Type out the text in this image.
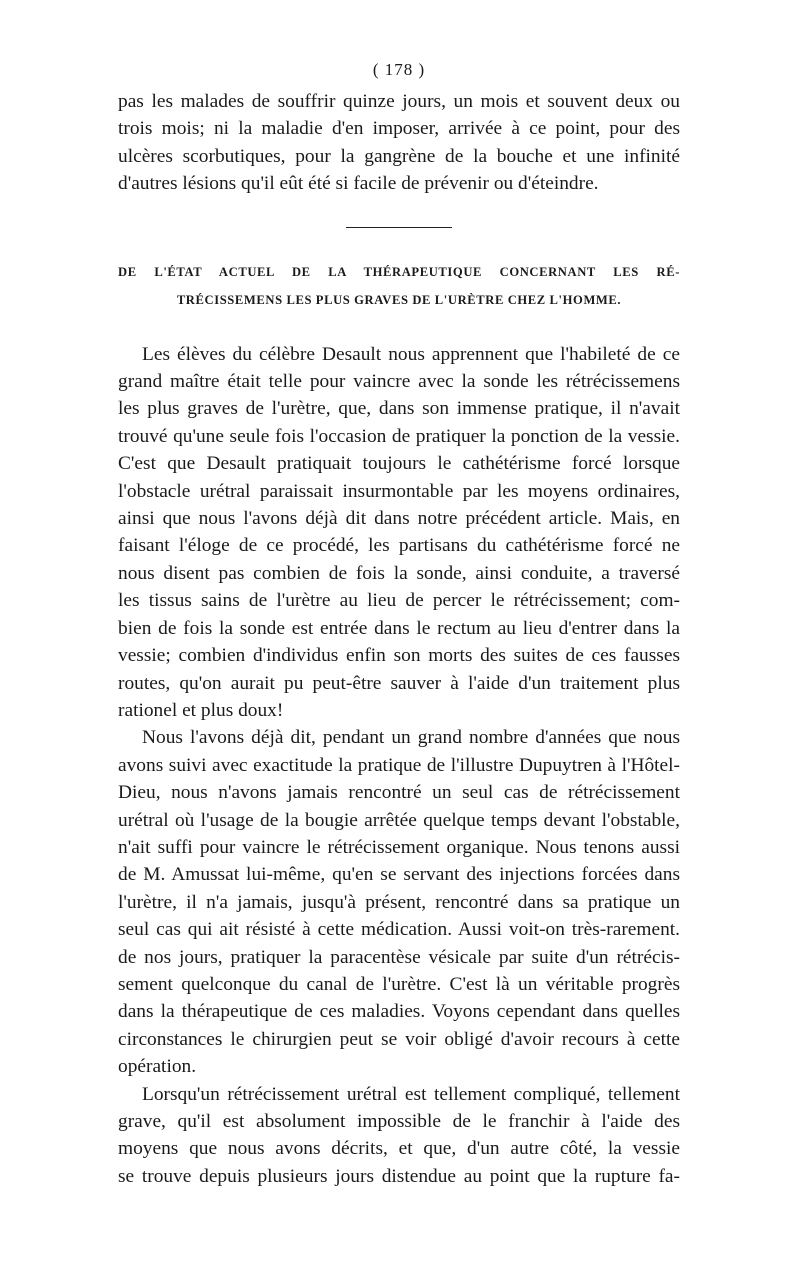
( 178 )
pas les malades de souffrir quinze jours, un mois et souvent deux ou
trois mois; ni la maladie d'en imposer, arrivée à ce point, pour des
ulcères scorbutiques, pour la gangrène de la bouche et une infinité
d'autres lésions qu'il eût été si facile de prévenir ou d'éteindre.
DE L'ÉTAT ACTUEL DE LA THÉRAPEUTIQUE CONCERNANT LES RÉ-
TRÉCISSEMENS LES PLUS GRAVES DE L'URÈTRE CHEZ L'HOMME.
Les élèves du célèbre Desault nous apprennent que l'habileté de ce
grand maître était telle pour vaincre avec la sonde les rétrécissemens
les plus graves de l'urètre, que, dans son immense pratique, il n'avait
trouvé qu'une seule fois l'occasion de pratiquer la ponction de la vessie.
C'est que Desault pratiquait toujours le cathétérisme forcé lorsque
l'obstacle urétral paraissait insurmontable par les moyens ordinaires,
ainsi que nous l'avons déjà dit dans notre précédent article. Mais, en
faisant l'éloge de ce procédé, les partisans du cathétérisme forcé ne
nous disent pas combien de fois la sonde, ainsi conduite, a traversé
les tissus sains de l'urètre au lieu de percer le rétrécissement; com-
bien de fois la sonde est entrée dans le rectum au lieu d'entrer dans la
vessie; combien d'individus enfin son morts des suites de ces fausses
routes, qu'on aurait pu peut-être sauver à l'aide d'un traitement plus
rationel et plus doux!
Nous l'avons déjà dit, pendant un grand nombre d'années que nous
avons suivi avec exactitude la pratique de l'illustre Dupuytren à l'Hôtel-
Dieu, nous n'avons jamais rencontré un seul cas de rétrécissement
urétral où l'usage de la bougie arrêtée quelque temps devant l'obstable,
n'ait suffi pour vaincre le rétrécissement organique. Nous tenons aussi
de M. Amussat lui-même, qu'en se servant des injections forcées dans
l'urètre, il n'a jamais, jusqu'à présent, rencontré dans sa pratique un
seul cas qui ait résisté à cette médication. Aussi voit-on très-rarement.
de nos jours, pratiquer la paracentèse vésicale par suite d'un rétrécis-
sement quelconque du canal de l'urètre. C'est là un véritable progrès
dans la thérapeutique de ces maladies. Voyons cependant dans quelles
circonstances le chirurgien peut se voir obligé d'avoir recours à cette
opération.
Lorsqu'un rétrécissement urétral est tellement compliqué, tellement
grave, qu'il est absolument impossible de le franchir à l'aide des
moyens que nous avons décrits, et que, d'un autre côté, la vessie
se trouve depuis plusieurs jours distendue au point que la rupture fa-
